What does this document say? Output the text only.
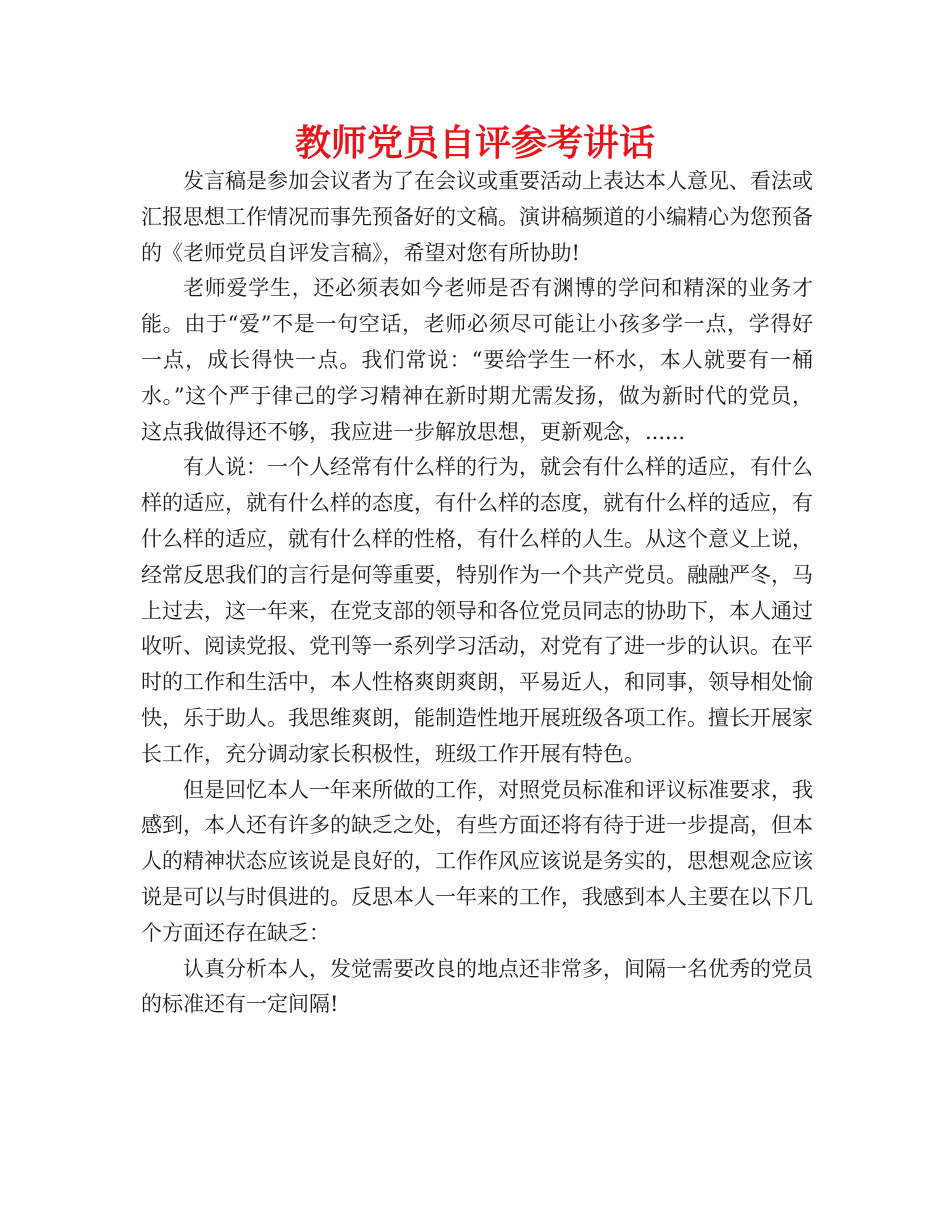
教师党员自评参考讲话

发言稿是参加会议者为了在会议或重要活动上表达本人意见、看法或汇报思想工作情况而事先预备好的文稿。演讲稿频道的小编精心为您预备的《老师党员自评发言稿》，希望对您有所协助!

老师爱学生，还必须表如今老师是否有渊博的学问和精深的业务才能。由于“爱”不是一句空话，老师必须尽可能让小孩多学一点，学得好一点，成长得快一点。我们常说：“要给学生一杯水，本人就要有一桶水。”这个严于律己的学习精神在新时期尤需发扬，做为新时代的党员，这点我做得还不够，我应进一步解放思想，更新观念，......

有人说：一个人经常有什么样的行为，就会有什么样的适应，有什么样的适应，就有什么样的态度，有什么样的态度，就有什么样的适应，有什么样的适应，就有什么样的性格，有什么样的人生。从这个意义上说，经常反思我们的言行是何等重要，特别作为一个共产党员。融融严冬，马上过去，这一年来，在党支部的领导和各位党员同志的协助下，本人通过收听、阅读党报、党刊等一系列学习活动，对党有了进一步的认识。在平时的工作和生活中，本人性格爽朗爽朗，平易近人，和同事，领导相处愉快，乐于助人。我思维爽朗，能制造性地开展班级各项工作。擅长开展家长工作，充分调动家长积极性，班级工作开展有特色。

但是回忆本人一年来所做的工作，对照党员标准和评议标准要求，我感到，本人还有许多的缺乏之处，有些方面还将有待于进一步提高，但本人的精神状态应该说是良好的，工作作风应该说是务实的，思想观念应该说是可以与时俱进的。反思本人一年来的工作，我感到本人主要在以下几个方面还存在缺乏：

认真分析本人，发觉需要改良的地点还非常多，间隔一名优秀的党员的标准还有一定间隔!
